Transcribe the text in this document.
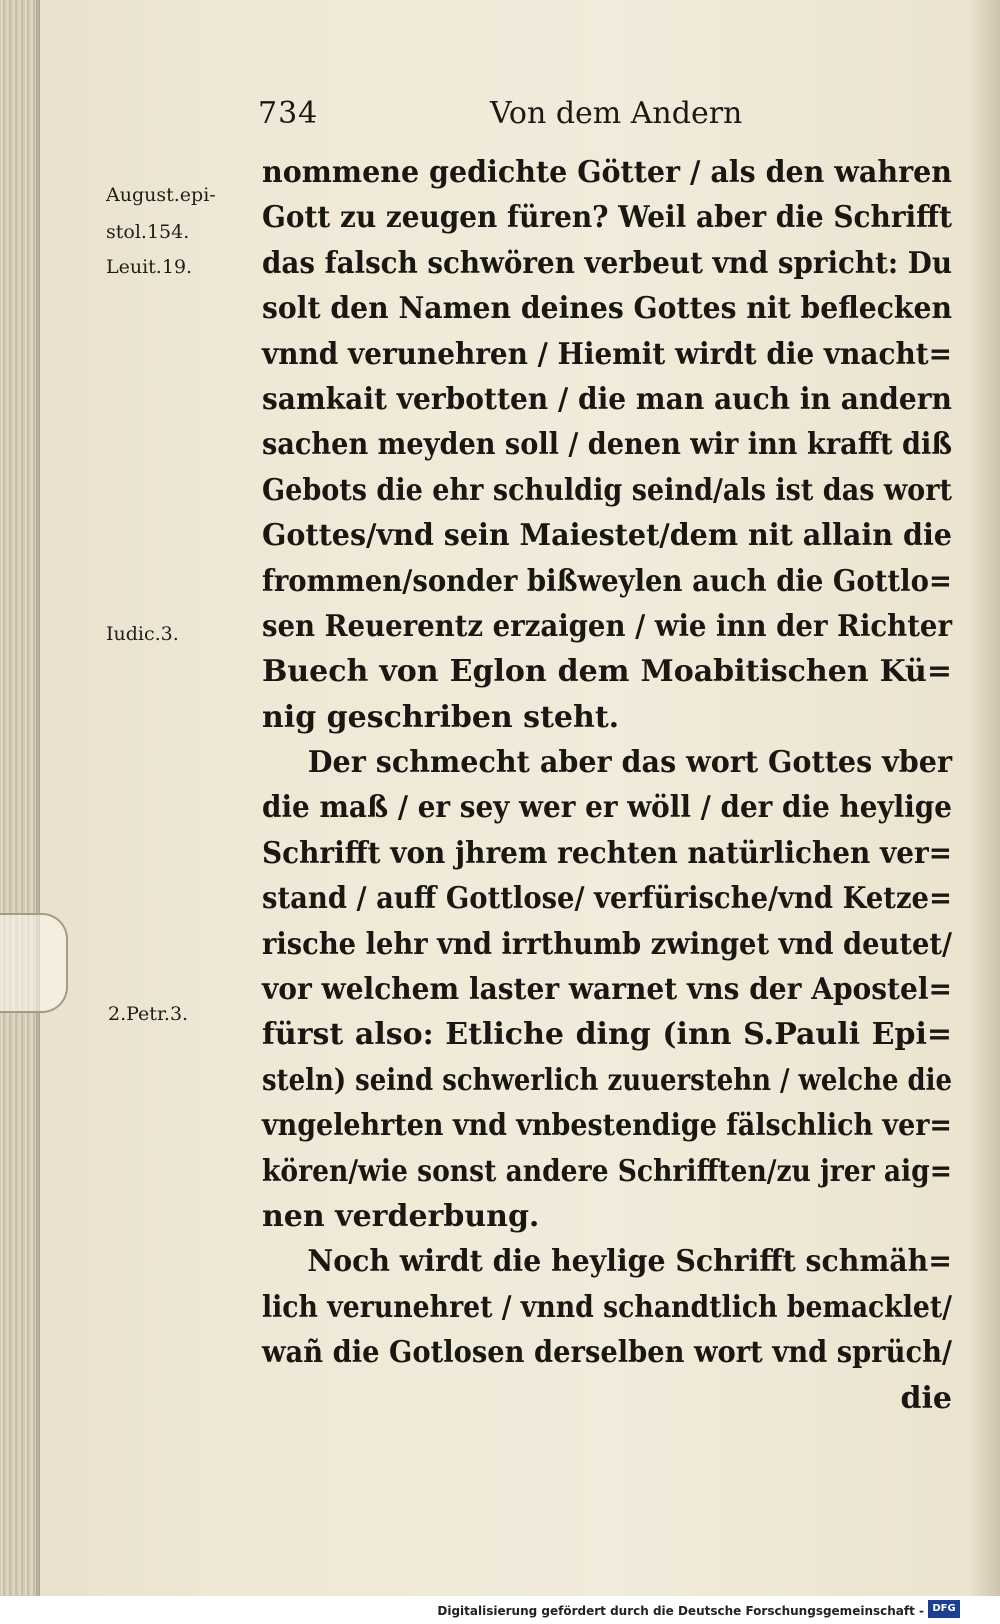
734	Von dem Andern
August.epi-
stol.154.
Leuit.19.
Iudic.3.
2.Petr.3.
nommene gedichte Götter / als den wahren
Gott zu zeugen füren? Weil aber die Schrifft
das falsch schwören verbeut vnd spricht: Du
solt den Namen deines Gottes nit beflecken
vnnd verunehren / Hiemit wirdt die vnacht=
samkait verbotten / die man auch in andern
sachen meyden soll / denen wir inn krafft diß
Gebots die ehr schuldig seind/als ist das wort
Gottes/vnd sein Maiestet/dem nit allain die
frommen/sonder bißweylen auch die Gottlo=
sen Reuerentz erzaigen / wie inn der Richter
Buech von Eglon dem Moabitischen Kü=
nig geschriben steht.
Der schmecht aber das wort Gottes vber
die maß / er sey wer er wöll / der die heylige
Schrifft von jhrem rechten natürlichen ver=
stand / auff Gottlose/ verfürische/vnd Ketze=
rische lehr vnd irrthumb zwinget vnd deutet/
vor welchem laster warnet vns der Apostel=
fürst also: Etliche ding (inn S.Pauli Epi=
steln) seind schwerlich zuuerstehn / welche die
vngelehrten vnd vnbestendige fälschlich ver=
kören/wie sonst andere Schrifften/zu jrer aig=
nen verderbung.
Noch wirdt die heylige Schrifft schmäh=
lich verunehret / vnnd schandtlich bemacklet/
wañ die Gotlosen derselben wort vnd sprüch/
die
Digitalisierung gefördert durch die Deutsche Forschungsgemeinschaft - DFG
